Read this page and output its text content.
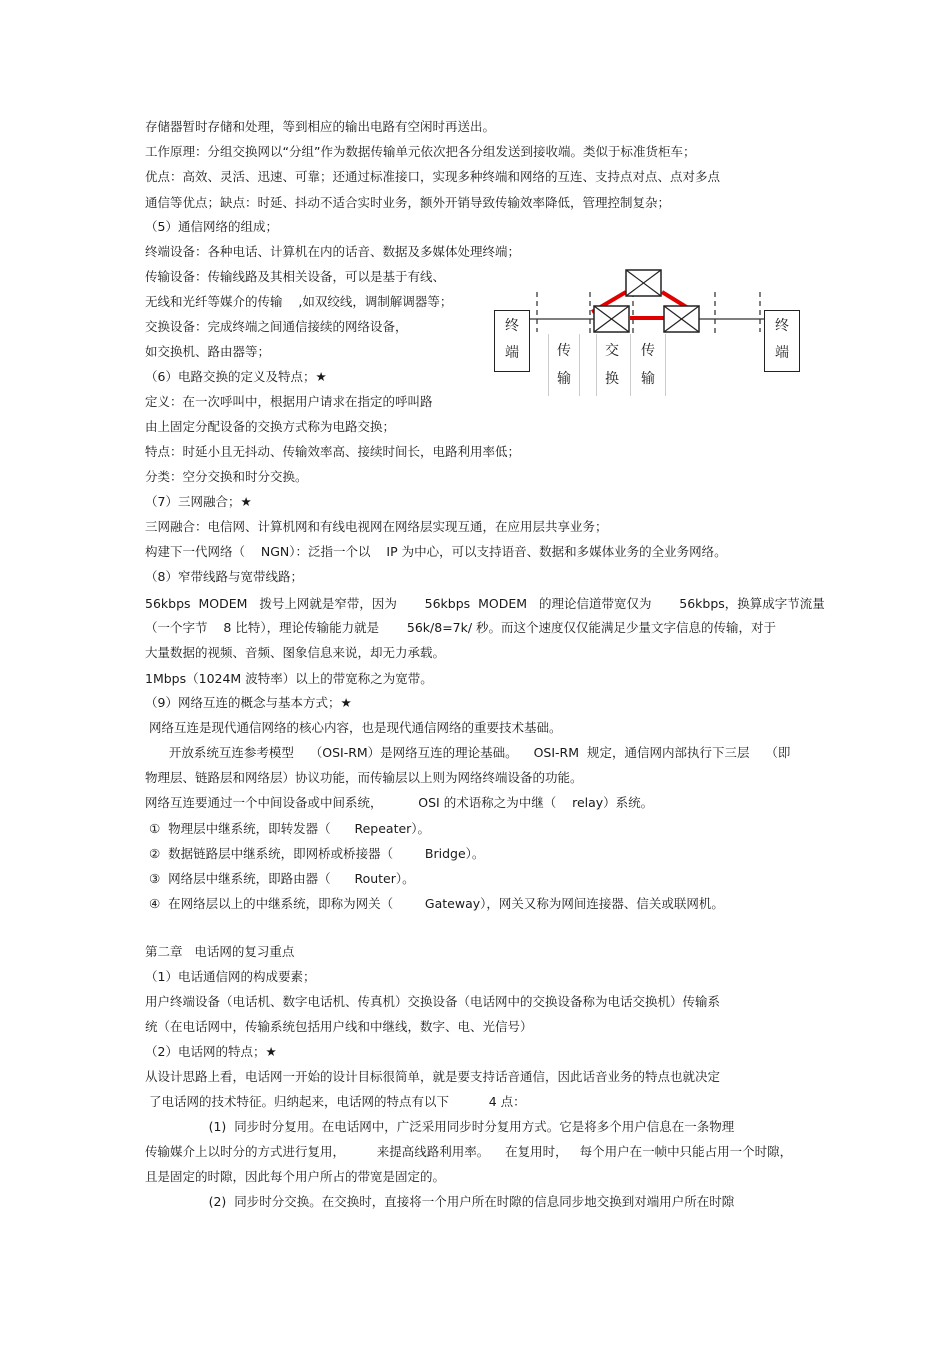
存储器暂时存储和处理，等到相应的输出电路有空闲时再送出。
工作原理：分组交换网以“分组”作为数据传输单元依次把各分组发送到接收端。类似于标准货柜车；
优点：高效、灵活、迅速、可靠；还通过标准接口，实现多种终端和网络的互连、支持点对点、点对多点
通信等优点；缺点：时延、抖动不适合实时业务，额外开销导致传输效率降低，管理控制复杂；
（5）通信网络的组成；
终端设备：各种电话、计算机在内的话音、数据及多媒体处理终端；
传输设备：传输线路及其相关设备，可以是基于有线、
无线和光纤等媒介的传输    ,如双绞线，调制解调器等；
交换设备：完成终端之间通信接续的网络设备，
如交换机、路由器等；
（6）电路交换的定义及特点；★
定义：在一次呼叫中，根据用户请求在指定的呼叫路
由上固定分配设备的交换方式称为电路交换；
特点：时延小且无抖动、传输效率高、接续时间长，电路利用率低；
分类：空分交换和时分交换。
（7）三网融合；★
三网融合：电信网、计算机网和有线电视网在网络层实现互通，在应用层共享业务；
构建下一代网络（    NGN）：泛指一个以    IP 为中心，可以支持语音、数据和多媒体业务的全业务网络。
（8）窄带线路与宽带线路；
56kbps  MODEM   拨号上网就是窄带，因为       56kbps  MODEM   的理论信道带宽仅为       56kbps，换算成字节流量
（一个字节    8 比特），理论传输能力就是       56k/8=7k/ 秒。而这个速度仅仅能满足少量文字信息的传输，对于
大量数据的视频、音频、图象信息来说，却无力承载。
1Mbps（1024M 波特率）以上的带宽称之为宽带。
（9）网络互连的概念与基本方式；★
网络互连是现代通信网络的核心内容，也是现代通信网络的重要技术基础。
开放系统互连参考模型    （OSI-RM）是网络互连的理论基础。    OSI-RM  规定，通信网内部执行下三层    （即
物理层、链路层和网络层）协议功能，而传输层以上则为网络终端设备的功能。
网络互连要通过一个中间设备或中间系统，         OSI 的术语称之为中继（    relay）系统。
①  物理层中继系统，即转发器（      Repeater）。
②  数据链路层中继系统，即网桥或桥接器（        Bridge）。
③  网络层中继系统，即路由器（      Router）。
④  在网络层以上的中继系统，即称为网关（        Gateway），网关又称为网间连接器、信关或联网机。
第二章   电话网的复习重点
（1）电话通信网的构成要素；
用户终端设备（电话机、数字电话机、传真机）交换设备（电话网中的交换设备称为电话交换机）传输系
统（在电话网中，传输系统包括用户线和中继线，数字、电、光信号）
（2）电话网的特点；★
从设计思路上看，电话网一开始的设计目标很简单，就是要支持话音通信，因此话音业务的特点也就决定
了电话网的技术特征。归纳起来，电话网的特点有以下          4 点：
(1)  同步时分复用。在电话网中，广泛采用同步时分复用方式。它是将多个用户信息在一条物理
传输媒介上以时分的方式进行复用，        来提高线路利用率。    在复用时，   每个用户在一帧中只能占用一个时隙，
且是固定的时隙，因此每个用户所占的带宽是固定的。
(2)  同步时分交换。在交换时，直接将一个用户所在时隙的信息同步地交换到对端用户所在时隙
终
端
终
端
传
输
交
换
传
输
